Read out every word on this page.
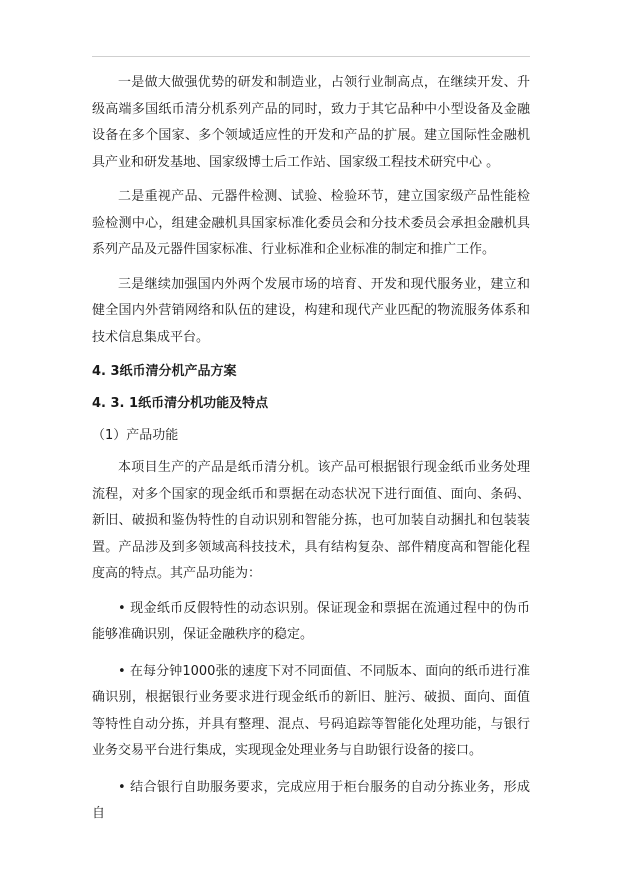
一是做大做强优势的研发和制造业，占领行业制高点，在继续开发、升级高端多国纸币清分机系列产品的同时，致力于其它品种中小型设备及金融设备在多个国家、多个领域适应性的开发和产品的扩展。建立国际性金融机具产业和研发基地、国家级博士后工作站、国家级工程技术研究中心 。

二是重视产品、元器件检测、试验、检验环节，建立国家级产品性能检验检测中心，组建金融机具国家标准化委员会和分技术委员会承担金融机具系列产品及元器件国家标准、行业标准和企业标准的制定和推广工作。

三是继续加强国内外两个发展市场的培育、开发和现代服务业，建立和健全国内外营销网络和队伍的建设，构建和现代产业匹配的物流服务体系和技术信息集成平台。

4. 3纸币清分机产品方案
4. 3. 1纸币清分机功能及特点
（1）产品功能

本项目生产的产品是纸币清分机。该产品可根据银行现金纸币业务处理流程，对多个国家的现金纸币和票据在动态状况下进行面值、面向、条码、新旧、破损和鉴伪特性的自动识别和智能分拣，也可加装自动捆扎和包装装置。产品涉及到多领域高科技技术，具有结构复杂、部件精度高和智能化程度高的特点。其产品功能为：

• 现金纸币反假特性的动态识别。保证现金和票据在流通过程中的伪币能够准确识别，保证金融秩序的稳定。

• 在每分钟1000张的速度下对不同面值、不同版本、面向的纸币进行准确识别，根据银行业务要求进行现金纸币的新旧、脏污、破损、面向、面值等特性自动分拣，并具有整理、混点、号码追踪等智能化处理功能，与银行业务交易平台进行集成，实现现金处理业务与自助银行设备的接口。

• 结合银行自助服务要求，完成应用于柜台服务的自动分拣业务，形成自
